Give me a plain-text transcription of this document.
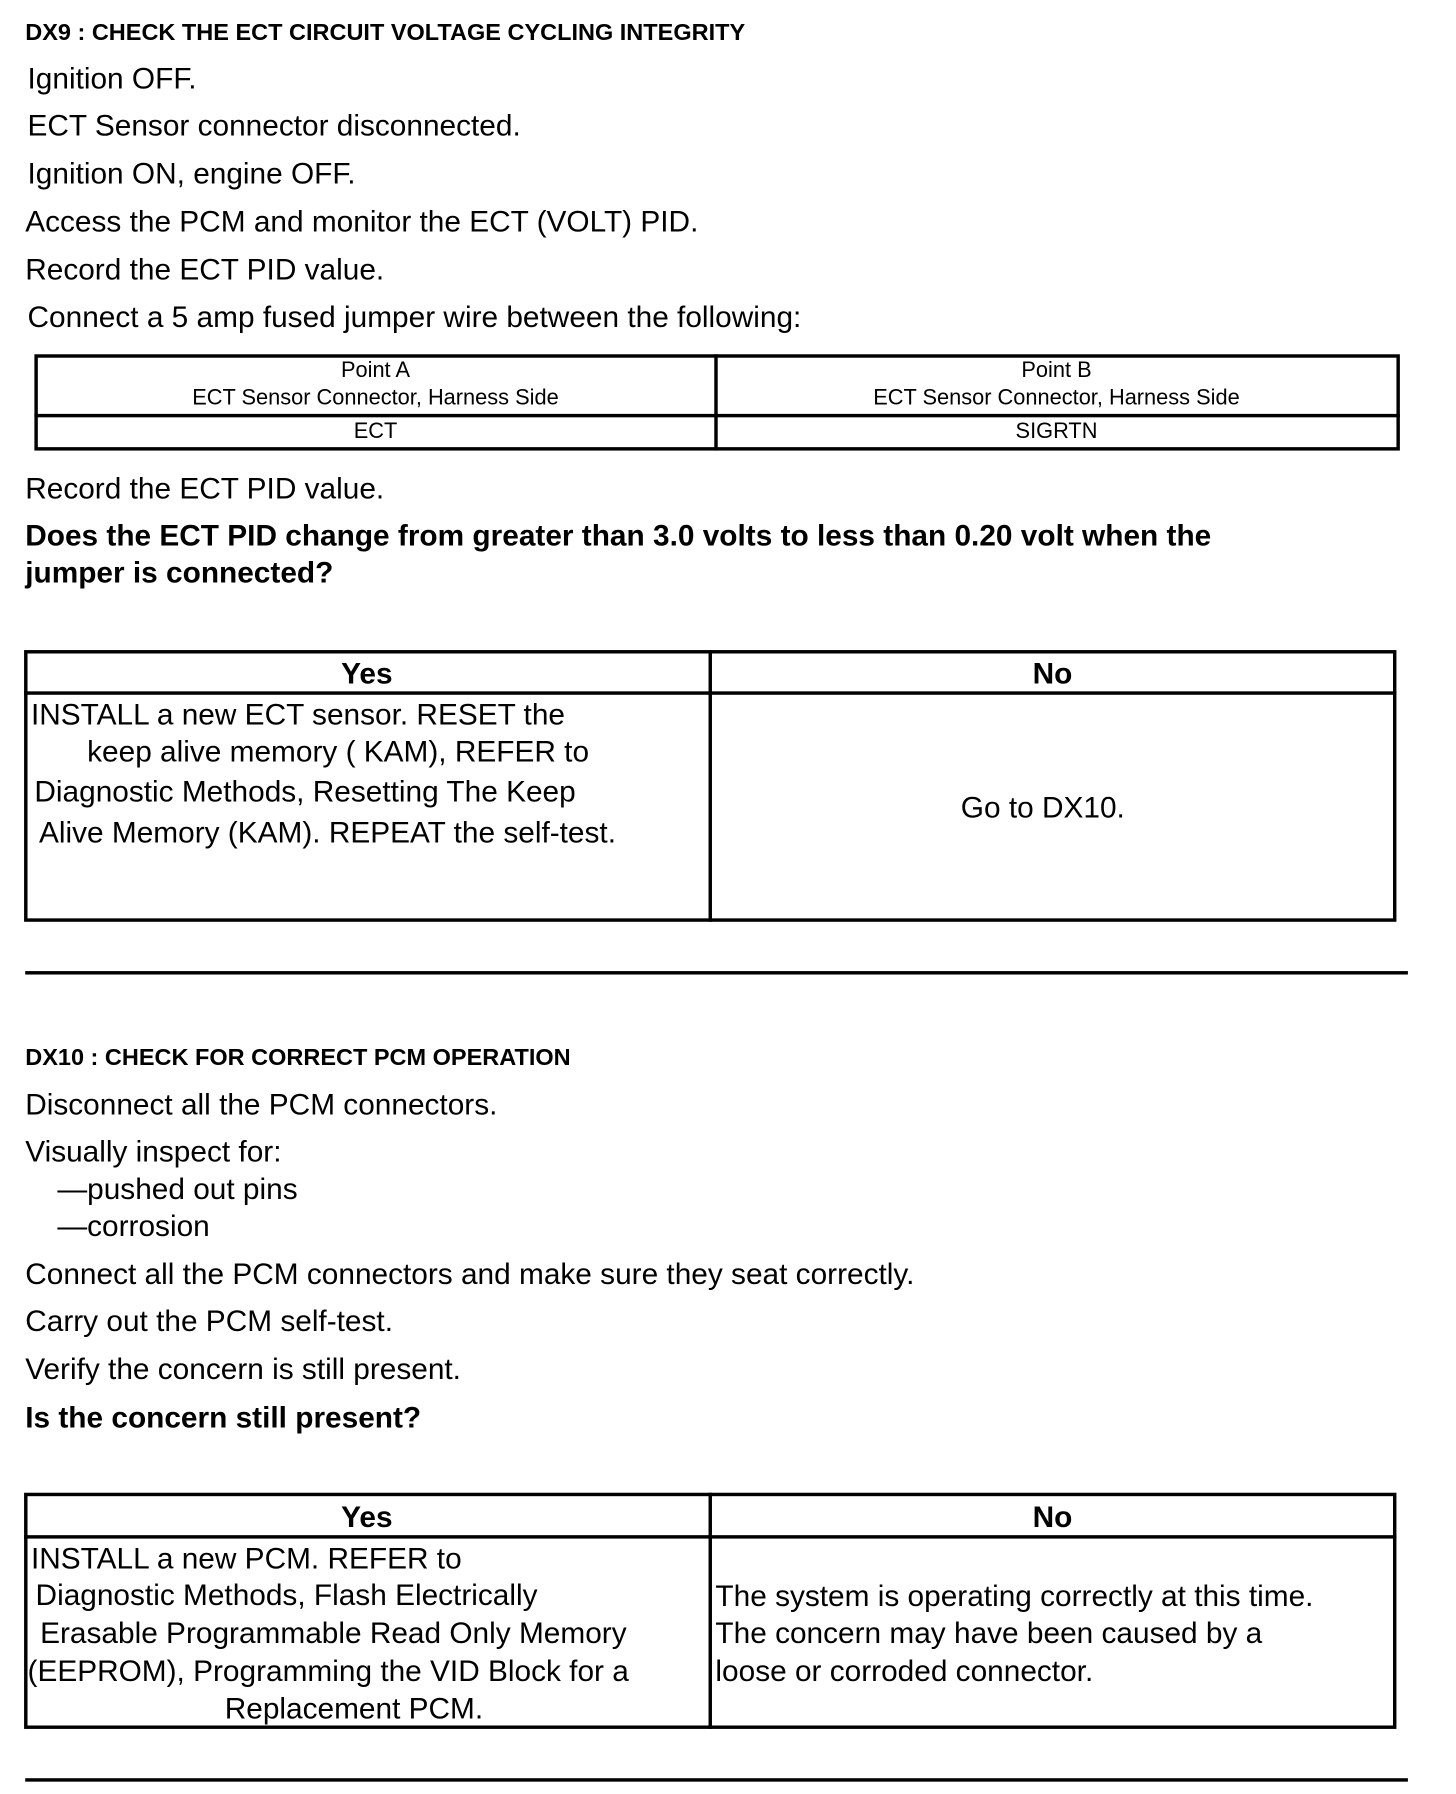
DX9 : CHECK THE ECT CIRCUIT VOLTAGE CYCLING INTEGRITY
Ignition OFF.
ECT Sensor connector disconnected.
Ignition ON, engine OFF.
Access the PCM and monitor the ECT (VOLT) PID.
Record the ECT PID value.
Connect a 5 amp fused jumper wire between the following:
Point A
ECT Sensor Connector, Harness Side
ECT
Point B
ECT Sensor Connector, Harness Side
SIGRTN
Record the ECT PID value.
Does the ECT PID change from greater than 3.0 volts to less than 0.20 volt when the
jumper is connected?
Yes	No
INSTALL a new ECT sensor. RESET the
keep alive memory ( KAM), REFER to
Diagnostic Methods, Resetting The Keep
Alive Memory (KAM). REPEAT the self-test.
Go to DX10.
DX10 : CHECK FOR CORRECT PCM OPERATION
Disconnect all the PCM connectors.
Visually inspect for:
—pushed out pins
—corrosion
Connect all the PCM connectors and make sure they seat correctly.
Carry out the PCM self-test.
Verify the concern is still present.
Is the concern still present?
Yes	No
INSTALL a new PCM. REFER to
Diagnostic Methods, Flash Electrically
Erasable Programmable Read Only Memory
(EEPROM), Programming the VID Block for a
Replacement PCM.
The system is operating correctly at this time.
The concern may have been caused by a
loose or corroded connector.
